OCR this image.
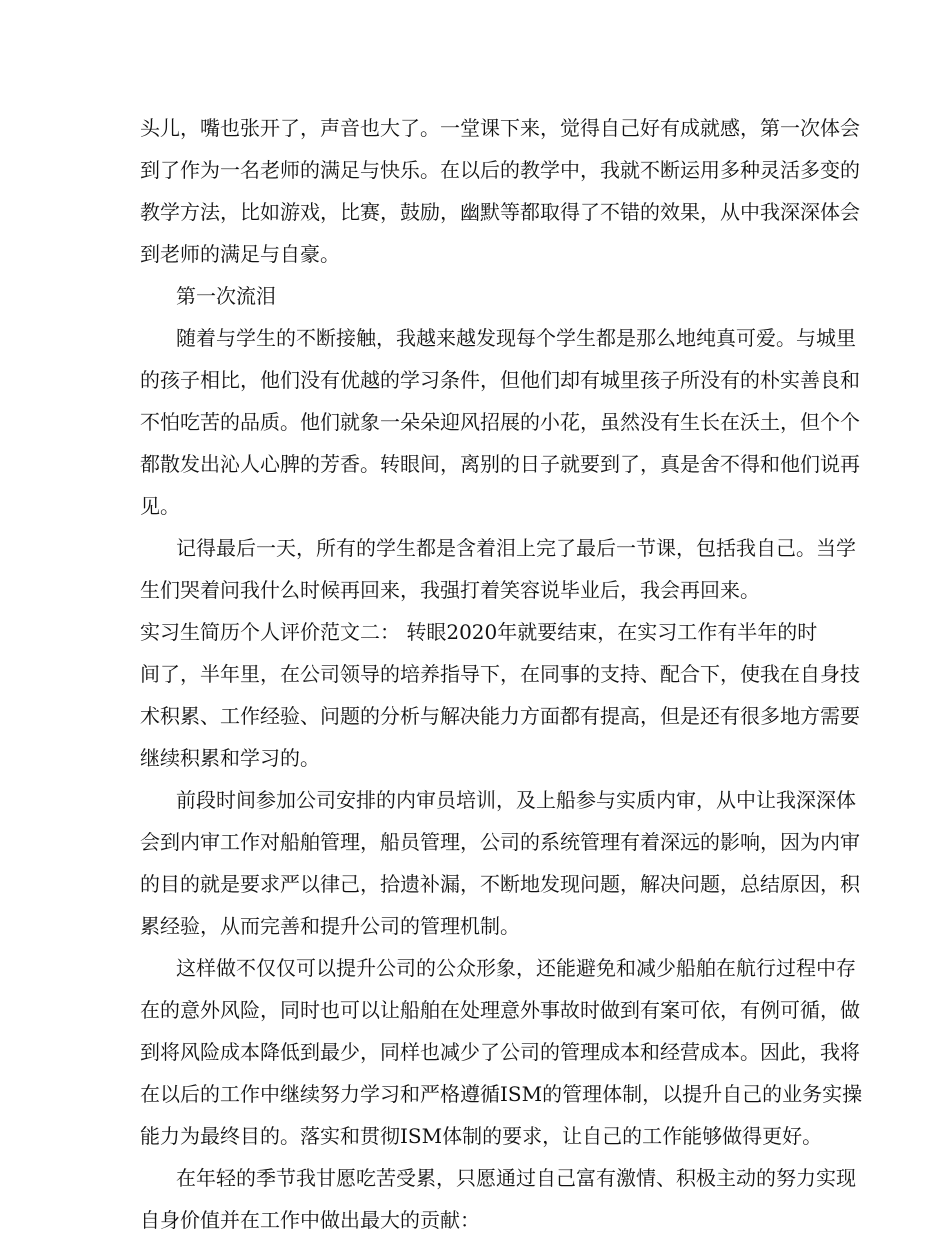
头儿，嘴也张开了，声音也大了。一堂课下来，觉得自己好有成就感，第一次体会
到了作为一名老师的满足与快乐。在以后的教学中，我就不断运用多种灵活多变的
教学方法，比如游戏，比赛，鼓励，幽默等都取得了不错的效果，从中我深深体会
到老师的满足与自豪。
第一次流泪
随着与学生的不断接触，我越来越发现每个学生都是那么地纯真可爱。与城里
的孩子相比，他们没有优越的学习条件，但他们却有城里孩子所没有的朴实善良和
不怕吃苦的品质。他们就象一朵朵迎风招展的小花，虽然没有生长在沃土，但个个
都散发出沁人心脾的芳香。转眼间，离别的日子就要到了，真是舍不得和他们说再
见。
记得最后一天，所有的学生都是含着泪上完了最后一节课，包括我自己。当学
生们哭着问我什么时候再回来，我强打着笑容说毕业后，我会再回来。
实习生简历个人评价范文二： 转眼2020年就要结束，在实习工作有半年的时
间了，半年里，在公司领导的培养指导下，在同事的支持、配合下，使我在自身技
术积累、工作经验、问题的分析与解决能力方面都有提高，但是还有很多地方需要
继续积累和学习的。
前段时间参加公司安排的内审员培训，及上船参与实质内审，从中让我深深体
会到内审工作对船舶管理，船员管理，公司的系统管理有着深远的影响，因为内审
的目的就是要求严以律己，拾遗补漏，不断地发现问题，解决问题，总结原因，积
累经验，从而完善和提升公司的管理机制。
这样做不仅仅可以提升公司的公众形象，还能避免和减少船舶在航行过程中存
在的意外风险，同时也可以让船舶在处理意外事故时做到有案可依，有例可循，做
到将风险成本降低到最少，同样也减少了公司的管理成本和经营成本。因此，我将
在以后的工作中继续努力学习和严格遵循ISM的管理体制，以提升自己的业务实操
能力为最终目的。落实和贯彻ISM体制的要求，让自己的工作能够做得更好。
在年轻的季节我甘愿吃苦受累，只愿通过自己富有激情、积极主动的努力实现
自身价值并在工作中做出最大的贡献：
